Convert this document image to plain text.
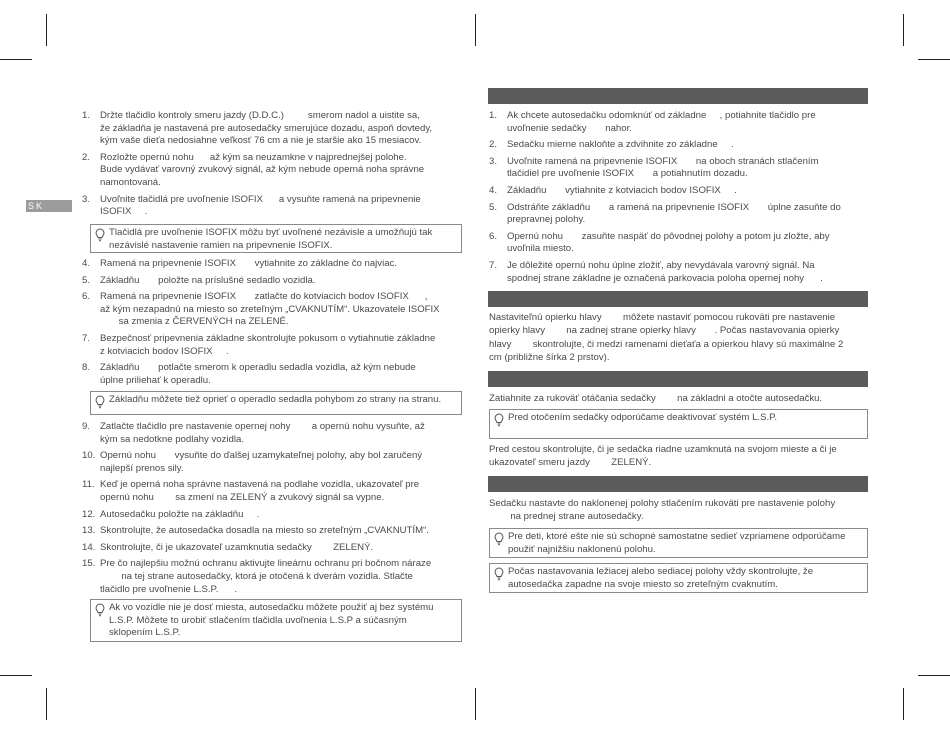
SK
1. Držte tlačidlo kontroly smeru jazdy (D.D.C.)         smerom nadol a uistite sa,
že základňa je nastavená pre autosedačky smerujúce dozadu, aspoň dovtedy,
kým vaše dieťa nedosiahne veľkosť 76 cm a nie je staršie ako 15 mesiacov.
2. Rozložte opernú nohu      až kým sa neuzamkne v najprednejšej polohe.
Bude vydávať varovný zvukový signál, až kým nebude operná noha správne
namontovaná.
3. Uvoľnite tlačidlá pre uvoľnenie ISOFIX      a vysuňte ramená na pripevnenie
ISOFIX     .
Tlačidlá pre uvoľnenie ISOFIX môžu byť uvoľnené nezávisle a umožňujú tak
nezávislé nastavenie ramien na pripevnenie ISOFIX.
4. Ramená na pripevnenie ISOFIX       vytiahnite zo základne čo najviac.
5. Základňu       položte na príslušné sedadlo vozidla.
6. Ramená na pripevnenie ISOFIX       zatlačte do kotviacich bodov ISOFIX      ,
až kým nezapadnú na miesto so zreteľným „CVAKNUTÍM“. Ukazovatele ISOFIX
sa zmenia z ČERVENÝCH na ZELENÉ.
7. Bezpečnosť pripevnenia základne skontrolujte pokusom o vytiahnutie základne
z kotviacich bodov ISOFIX     .
8. Základňu       potlačte smerom k operadlu sedadla vozidla, až kým nebude
úplne priliehať k operadlu.
Základňu môžete tiež oprieť o operadlo sedadla pohybom zo strany na stranu.
9. Zatlačte tlačidlo pre nastavenie opernej nohy        a opernú nohu vysuňte, až
kým sa nedotkne podlahy vozidla.
10. Opernú nohu       vysuňte do ďalšej uzamykateľnej polohy, aby bol zaručený
najlepší prenos sily.
11. Keď je operná noha správne nastavená na podlahe vozidla, ukazovateľ pre
opernú nohu        sa zmení na ZELENÝ a zvukový signál sa vypne.
12. Autosedačku položte na základňu     .
13. Skontrolujte, že autosedačka dosadla na miesto so zreteľným „CVAKNUTÍM“.
14. Skontrolujte, či je ukazovateľ uzamknutia sedačky        ZELENÝ.
15. Pre čo najlepšiu možnú ochranu aktivujte lineárnu ochranu pri bočnom náraze
na tej strane autosedačky, ktorá je otočená k dverám vozidla. Stlačte
tlačidlo pre uvoľnenie L.S.P.      .
Ak vo vozidle nie je dosť miesta, autosedačku môžete použiť aj bez systému
L.S.P. Môžete to urobiť stlačením tlačidla uvoľnenia L.S.P a súčasným
sklopením L.S.P.
1. Ak chcete autosedačku odomknúť od základne     , potiahnite tlačidlo pre
uvoľnenie sedačky       nahor.
2. Sedačku mierne nakloňte a zdvihnite zo základne     .
3. Uvoľnite ramená na pripevnenie ISOFIX       na oboch stranách stlačením
tlačidiel pre uvoľnenie ISOFIX       a potiahnutím dozadu.
4. Základňu       vytiahnite z kotviacich bodov ISOFIX     .
5. Odstráňte základňu       a ramená na pripevnenie ISOFIX       úplne zasuňte do
prepravnej polohy.
6. Opernú nohu       zasuňte naspäť do pôvodnej polohy a potom ju zložte, aby
uvoľnila miesto.
7. Je dôležité opernú nohu úplne zložiť, aby nevydávala varovný signál. Na
spodnej strane základne je označená parkovacia poloha opernej nohy      .
Nastaviteľnú opierku hlavy        môžete nastaviť pomocou rukoväti pre nastavenie
opierky hlavy        na zadnej strane opierky hlavy       . Počas nastavovania opierky
hlavy        skontrolujte, či medzi ramenami dieťaťa a opierkou hlavy sú maximálne 2
cm (približne šírka 2 prstov).
Zatiahnite za rukoväť otáčania sedačky        na základni a otočte autosedačku.
Pred otočením sedačky odporúčame deaktivovať systém L.S.P.
Pred cestou skontrolujte, či je sedačka riadne uzamknutá na svojom mieste a či je
ukazovateľ smeru jazdy        ZELENÝ.
Sedačku nastavte do naklonenej polohy stlačením rukoväti pre nastavenie polohy
na prednej strane autosedačky.
Pre deti, ktoré ešte nie sú schopné samostatne sedieť vzpriamene odporúčame
použiť najnižšiu naklonenú polohu.
Počas nastavovania ležiacej alebo sediacej polohy vždy skontrolujte, že
autosedačka zapadne na svoje miesto so zreteľným cvaknutím.
